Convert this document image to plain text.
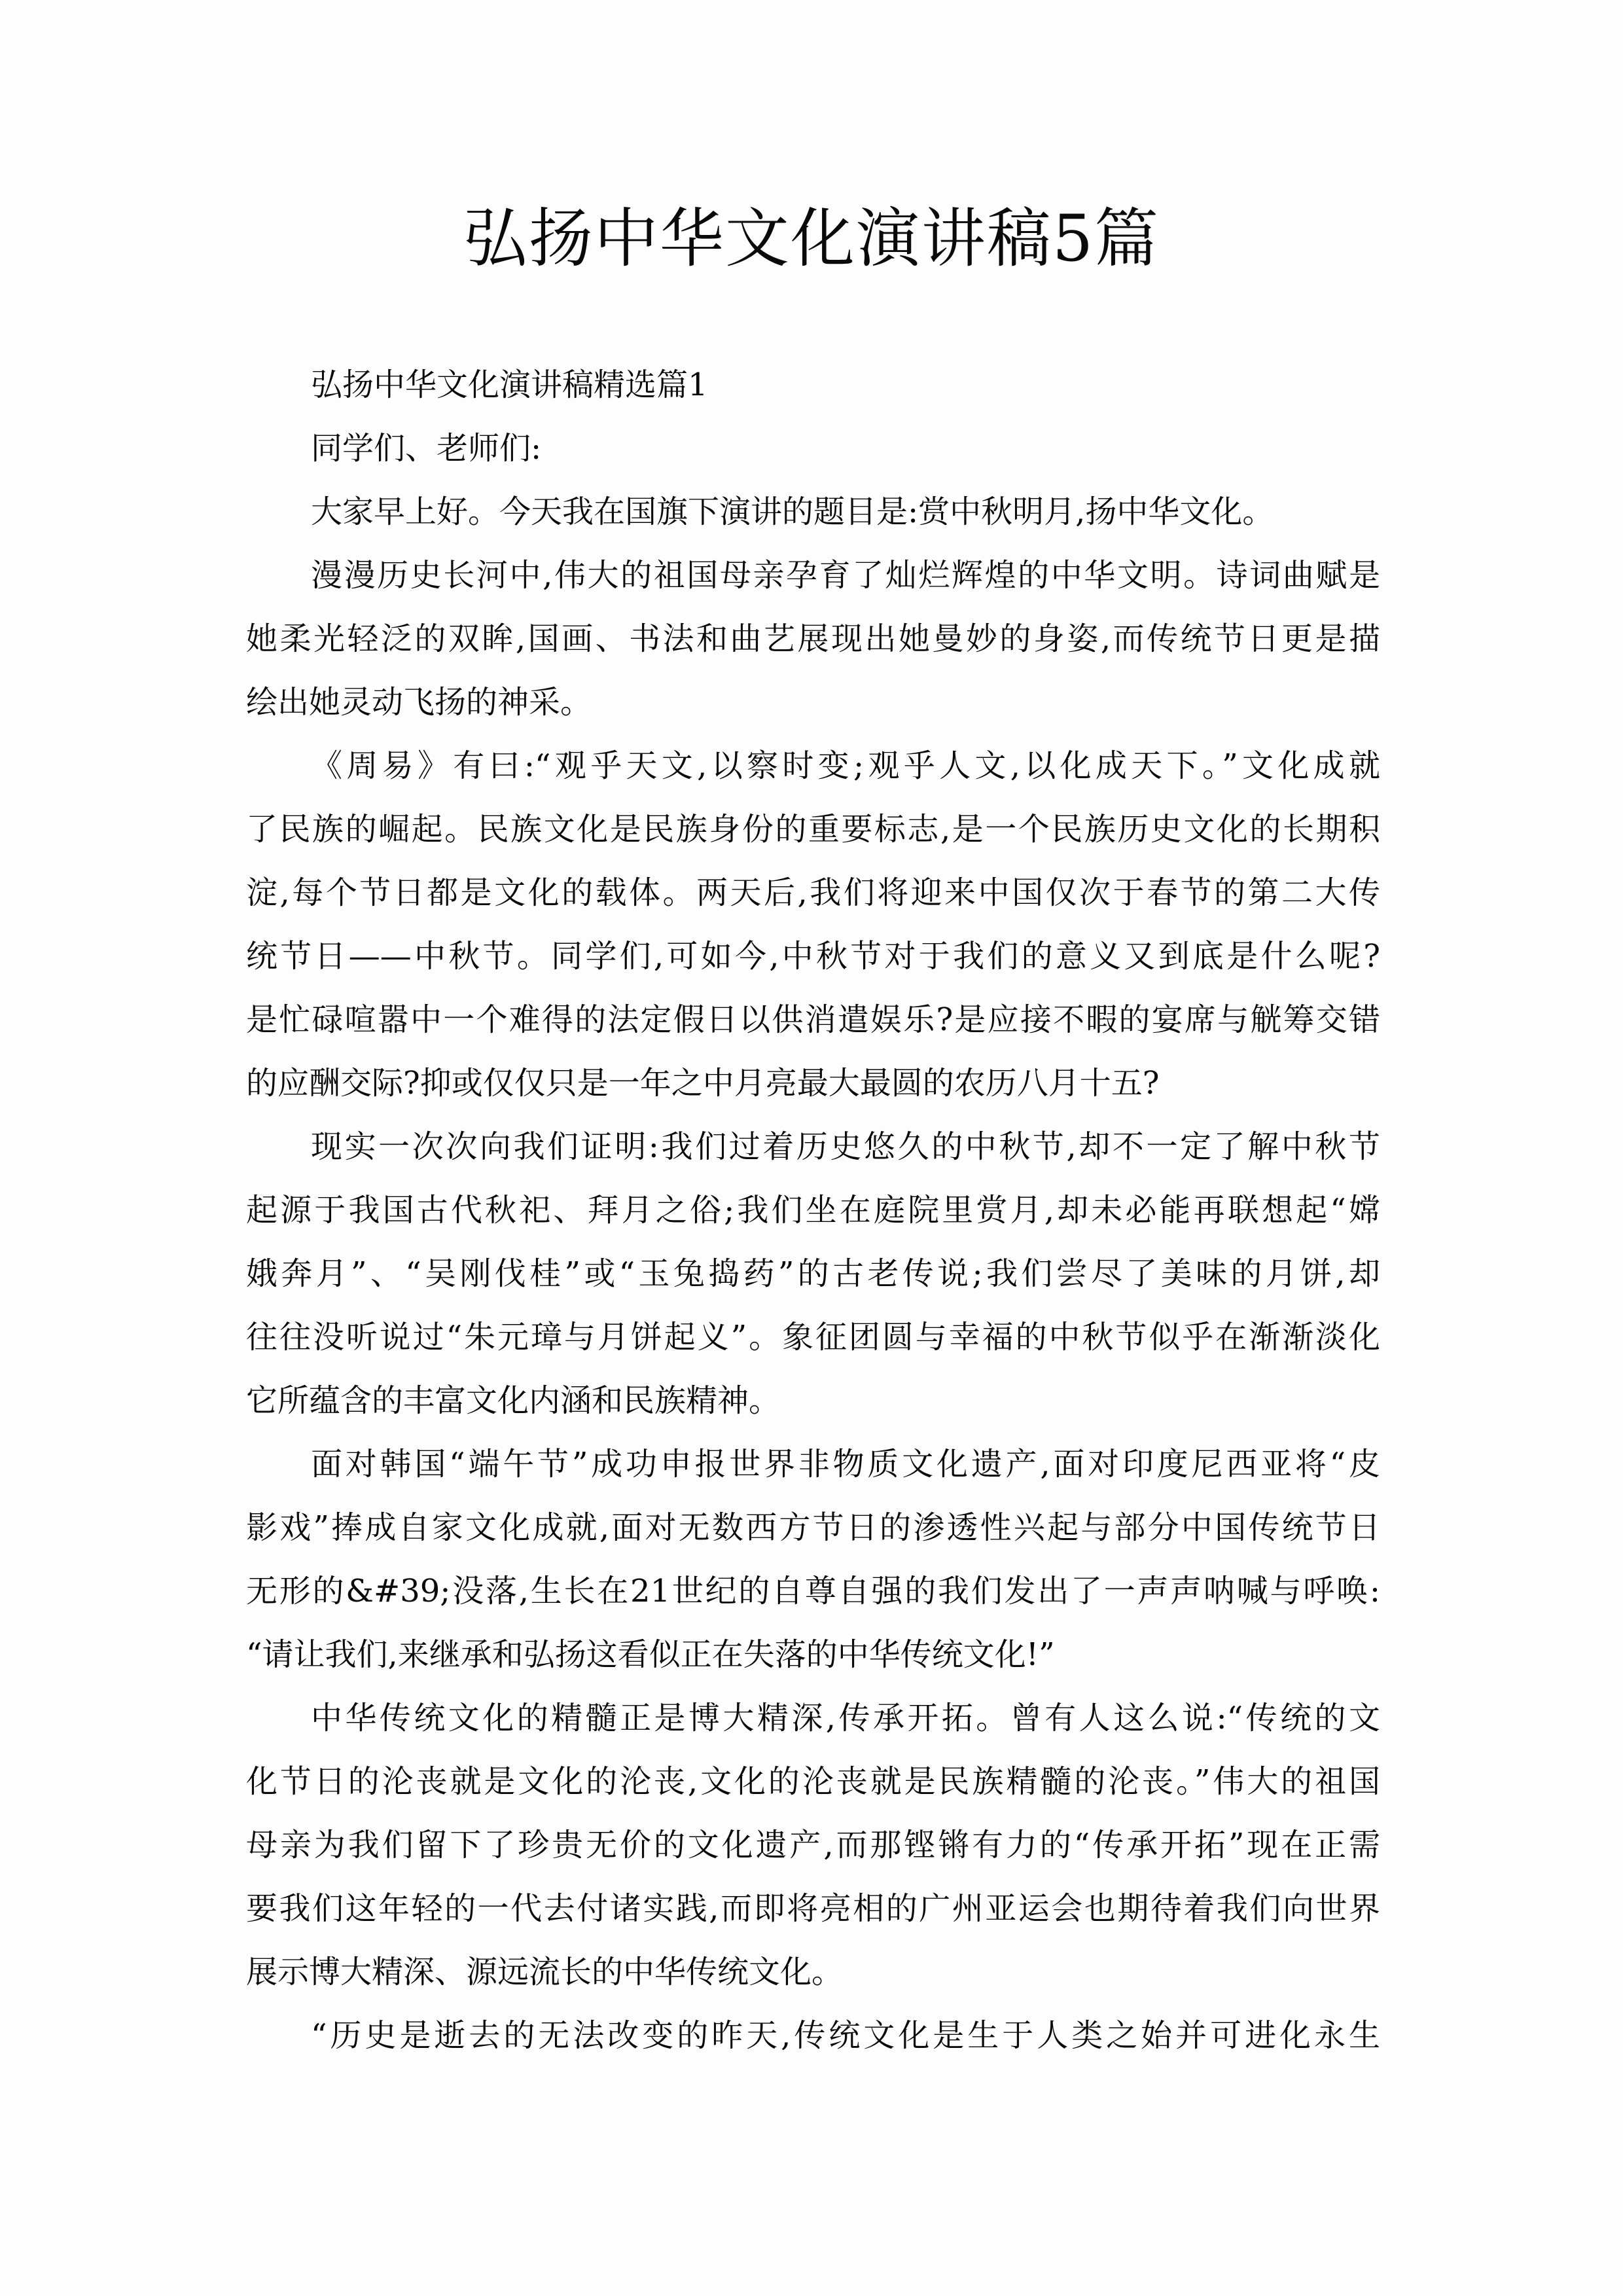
弘扬中华文化演讲稿5篇
弘扬中华文化演讲稿精选篇1
同学们、老师们:
大家早上好。今天我在国旗下演讲的题目是:赏中秋明月,扬中华文化。
漫漫历史长河中,伟大的祖国母亲孕育了灿烂辉煌的中华文明。诗词曲赋是
她柔光轻泛的双眸,国画、书法和曲艺展现出她曼妙的身姿,而传统节日更是描
绘出她灵动飞扬的神采。
《周易》有曰:“观乎天文,以察时变;观乎人文,以化成天下。”文化成就
了民族的崛起。民族文化是民族身份的重要标志,是一个民族历史文化的长期积
淀,每个节日都是文化的载体。两天后,我们将迎来中国仅次于春节的第二大传
统节日——中秋节。同学们,可如今,中秋节对于我们的意义又到底是什么呢?
是忙碌喧嚣中一个难得的法定假日以供消遣娱乐?是应接不暇的宴席与觥筹交错
的应酬交际?抑或仅仅只是一年之中月亮最大最圆的农历八月十五?
现实一次次向我们证明:我们过着历史悠久的中秋节,却不一定了解中秋节
起源于我国古代秋祀、拜月之俗;我们坐在庭院里赏月,却未必能再联想起“嫦
娥奔月”、“吴刚伐桂”或“玉兔捣药”的古老传说;我们尝尽了美味的月饼,却
往往没听说过“朱元璋与月饼起义”。象征团圆与幸福的中秋节似乎在渐渐淡化
它所蕴含的丰富文化内涵和民族精神。
面对韩国“端午节”成功申报世界非物质文化遗产,面对印度尼西亚将“皮
影戏”捧成自家文化成就,面对无数西方节日的渗透性兴起与部分中国传统节日
无形的&#39;没落,生长在21世纪的自尊自强的我们发出了一声声呐喊与呼唤:
“请让我们,来继承和弘扬这看似正在失落的中华传统文化!”
中华传统文化的精髓正是博大精深,传承开拓。曾有人这么说:“传统的文
化节日的沦丧就是文化的沦丧,文化的沦丧就是民族精髓的沦丧。”伟大的祖国
母亲为我们留下了珍贵无价的文化遗产,而那铿锵有力的“传承开拓”现在正需
要我们这年轻的一代去付诸实践,而即将亮相的广州亚运会也期待着我们向世界
展示博大精深、源远流长的中华传统文化。
“历史是逝去的无法改变的昨天,传统文化是生于人类之始并可进化永生
